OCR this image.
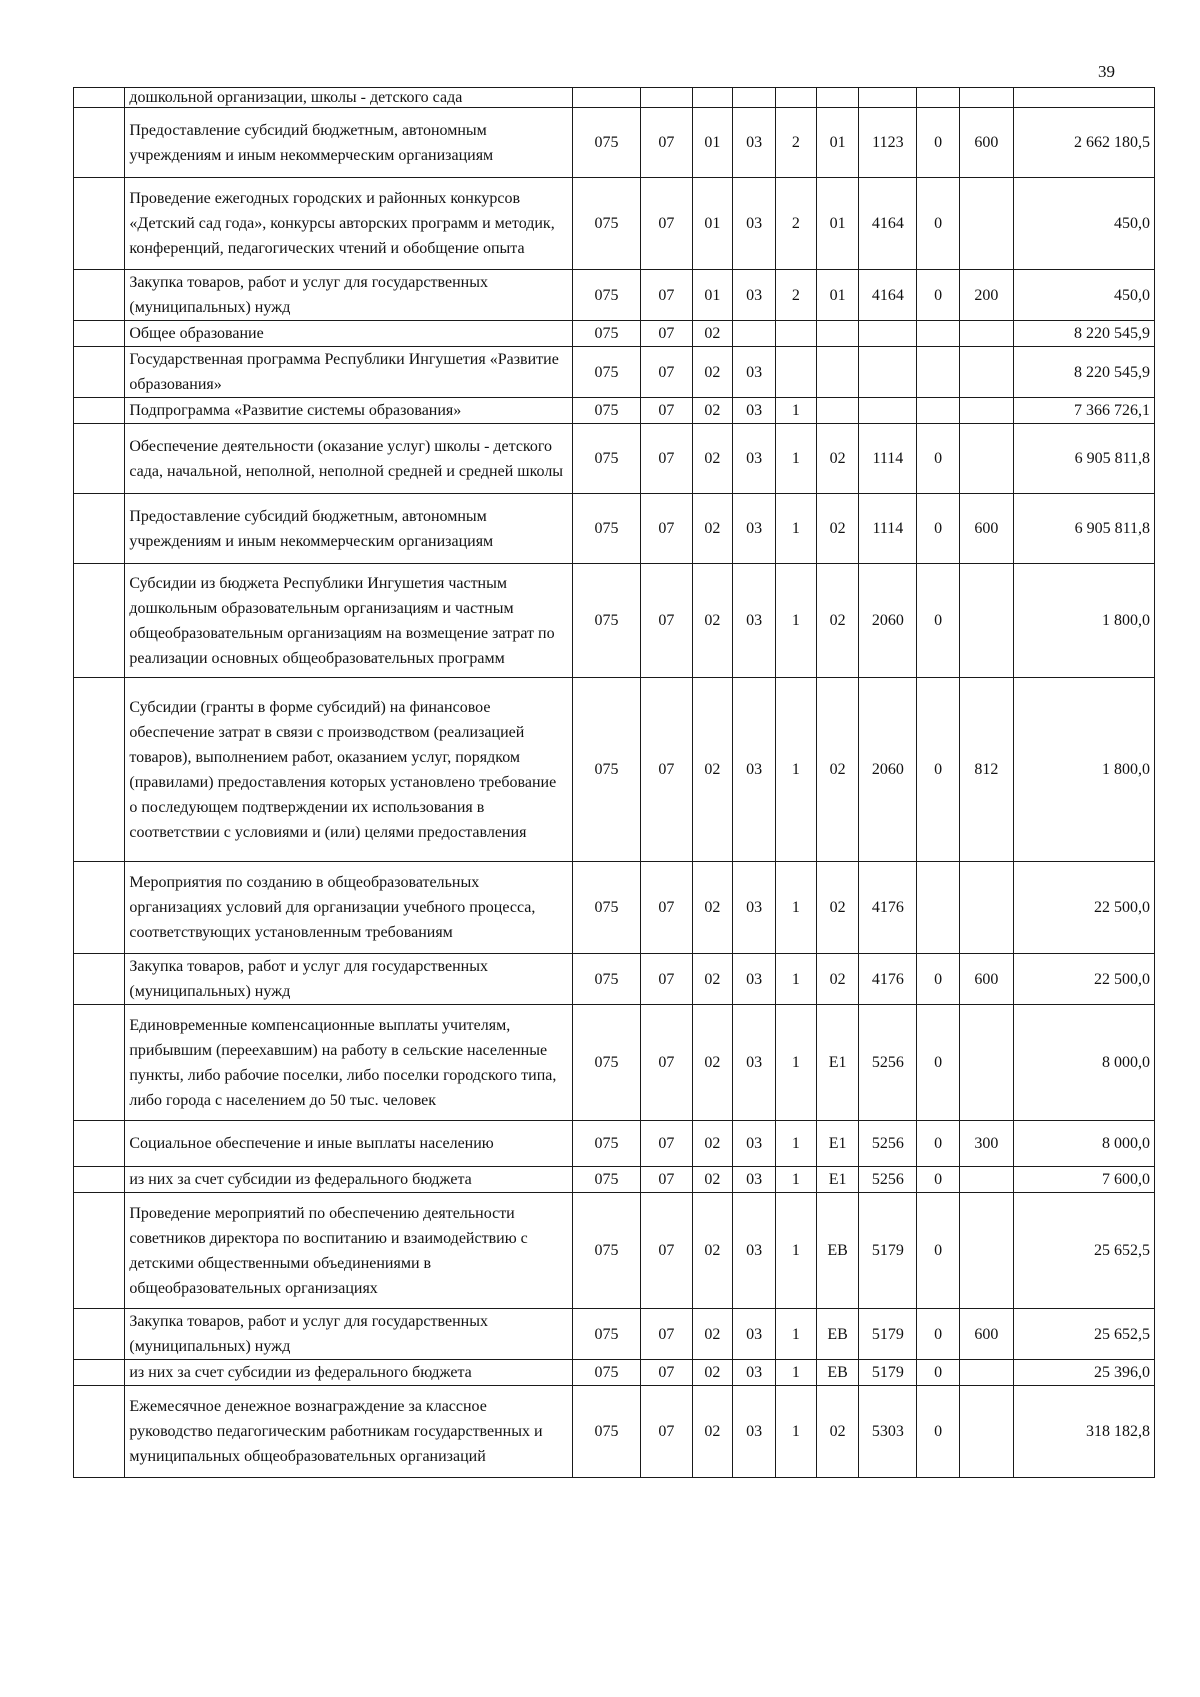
39
	дошкольной организации, школы - детского сада										
	Предоставление субсидий бюджетным, автономным учреждениям и иным некоммерческим организациям	075	07	01	03	2	01	1123	0	600	2 662 180,5
	Проведение ежегодных городских и районных конкурсов «Детский сад года», конкурсы авторских программ и методик, конференций, педагогических чтений и обобщение опыта	075	07	01	03	2	01	4164	0		450,0
	Закупка товаров, работ и услуг для государственных (муниципальных) нужд	075	07	01	03	2	01	4164	0	200	450,0
	Общее образование	075	07	02							8 220 545,9
	Государственная программа Республики Ингушетия «Развитие образования»	075	07	02	03						8 220 545,9
	Подпрограмма «Развитие системы образования»	075	07	02	03	1					7 366 726,1
	Обеспечение деятельности (оказание услуг) школы - детского сада, начальной, неполной, неполной средней и средней школы	075	07	02	03	1	02	1114	0		6 905 811,8
	Предоставление субсидий бюджетным, автономным учреждениям и иным некоммерческим организациям	075	07	02	03	1	02	1114	0	600	6 905 811,8
	Субсидии из бюджета Республики Ингушетия частным дошкольным образовательным организациям и частным общеобразовательным организациям на возмещение затрат по реализации основных общеобразовательных программ	075	07	02	03	1	02	2060	0		1 800,0
	Субсидии (гранты в форме субсидий) на финансовое обеспечение затрат в связи с производством (реализацией товаров), выполнением работ, оказанием услуг, порядком (правилами) предоставления которых установлено требование о последующем подтверждении их использования в соответствии с условиями и (или) целями предоставления	075	07	02	03	1	02	2060	0	812	1 800,0
	Мероприятия по созданию в общеобразовательных организациях условий для организации учебного процесса, соответствующих установленным требованиям	075	07	02	03	1	02	4176			22 500,0
	Закупка товаров, работ и услуг для государственных (муниципальных) нужд	075	07	02	03	1	02	4176	0	600	22 500,0
	Единовременные компенсационные выплаты учителям, прибывшим (переехавшим) на работу в сельские населенные пункты, либо рабочие поселки, либо поселки городского типа, либо города с населением до 50 тыс. человек	075	07	02	03	1	E1	5256	0		8 000,0
	Социальное обеспечение и иные выплаты населению	075	07	02	03	1	E1	5256	0	300	8 000,0
	из них за счет субсидии из федерального бюджета	075	07	02	03	1	E1	5256	0		7 600,0
	Проведение мероприятий по обеспечению деятельности советников директора по воспитанию и взаимодействию с детскими общественными объединениями в общеобразовательных организациях	075	07	02	03	1	EB	5179	0		25 652,5
	Закупка товаров, работ и услуг для государственных (муниципальных) нужд	075	07	02	03	1	EB	5179	0	600	25 652,5
	из них за счет субсидии из федерального бюджета	075	07	02	03	1	EB	5179	0		25 396,0
	Ежемесячное денежное вознаграждение за классное руководство педагогическим работникам государственных и муниципальных общеобразовательных организаций	075	07	02	03	1	02	5303	0		318 182,8
